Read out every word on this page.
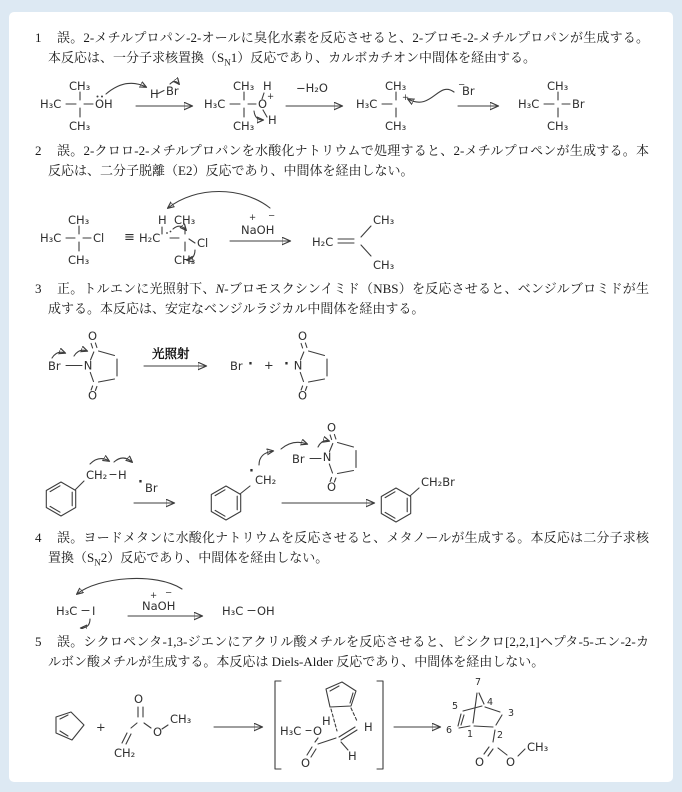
1 誤。2-メチルプロパン-2-オールに臭化水素を反応させると、2-ブロモ-2-メチルプロパンが生成する。本反応は、一分子求核置換$(S_N1)$反応であり、カルボカチオン中間体を経由する。
H₃C
CH₃
CH₃
OH
H Br
H₃C
CH₃
CH₃
O +
H
H
−H₂O
H₃C
CH₃
CH₃
+
−
Br
H₃C
CH₃
CH₃
Br
2 誤。2-クロロ-2-メチルプロパンを水酸化ナトリウムで処理すると、2-メチルプロペンが生成する。本反応は、二分子脱離（E2）反応であり、中間体を経由しない。
H₃C
CH₃
CH₃
Cl ≡
H CH₃
H₂C	Cl
CH₃
+ −
NaOH
H₂C
CH₃
CH₃
3 正。トルエンに光照射下、N-ブロモスクシンイミド（NBS）を反応させると、ベンジルブロミドが生成する。本反応は、安定なベンジルラジカル中間体を経由する。
Br
光照射
Br · + ·
CH₂ H · Br
·
CH₂
Br
CH₂Br
4 誤。ヨードメタンに水酸化ナトリウムを反応させると、メタノールが生成する。本反応は二分子求核置換$(S_N2)$反応であり、中間体を経由しない。
H₃C I
+ −
NaOH	H₃C OH
5 誤。シクロペンタ-1,3-ジエンにアクリル酸メチルを反応させると、ビシクロ[2,2,1]ヘプタ-5-エン-2-カルボン酸メチルが生成する。本反応は Diels-Alder 反応であり、中間体を経由しない。
+
O
CH₂
O
CH₃	H	H
H
H₃C O
O
7
4
5
6 1	2
3
O O
CH₃
